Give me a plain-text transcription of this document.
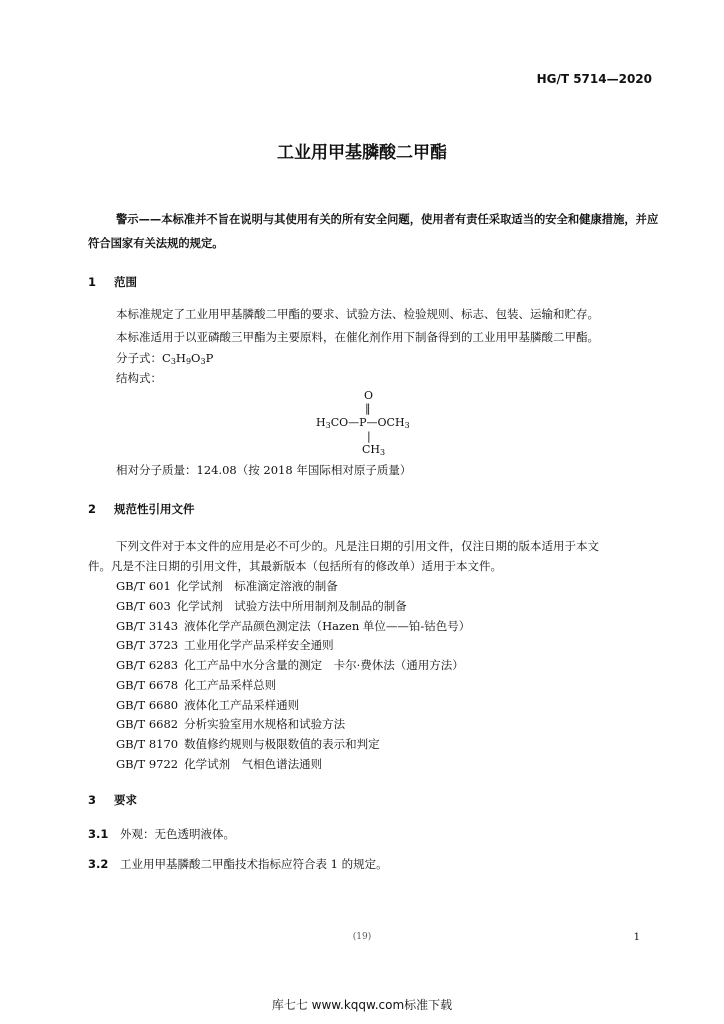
HG/T 5714—2020
工业用甲基膦酸二甲酯
警示——本标准并不旨在说明与其使用有关的所有安全问题，使用者有责任采取适当的安全和健康措施，并应符合国家有关法规的规定。
1 范围
本标准规定了工业用甲基膦酸二甲酯的要求、试验方法、检验规则、标志、包装、运输和贮存。
本标准适用于以亚磷酸三甲酯为主要原料，在催化剂作用下制备得到的工业用甲基膦酸二甲酯。
分子式：$C_3H_9O_3P$
结构式：
O
‖
$H_3CO—P—OCH_3$
|
$CH_3$
相对分子质量：124.08（按 2018 年国际相对原子质量）
2 规范性引用文件
下列文件对于本文件的应用是必不可少的。凡是注日期的引用文件，仅注日期的版本适用于本文
件。凡是不注日期的引用文件，其最新版本（包括所有的修改单）适用于本文件。
GB/T 601 化学试剂　标准滴定溶液的制备
GB/T 603 化学试剂　试验方法中所用制剂及制品的制备
GB/T 3143 液体化学产品颜色测定法（Hazen 单位——铂-钴色号）
GB/T 3723 工业用化学产品采样安全通则
GB/T 6283 化工产品中水分含量的测定　卡尔·费休法（通用方法）
GB/T 6678 化工产品采样总则
GB/T 6680 液体化工产品采样通则
GB/T 6682 分析实验室用水规格和试验方法
GB/T 8170 数值修约规则与极限数值的表示和判定
GB/T 9722 化学试剂　气相色谱法通则
3 要求
3.1 外观：无色透明液体。
3.2 工业用甲基膦酸二甲酯技术指标应符合表 1 的规定。
(19)	1
库七七 www.kqqw.com标准下载
